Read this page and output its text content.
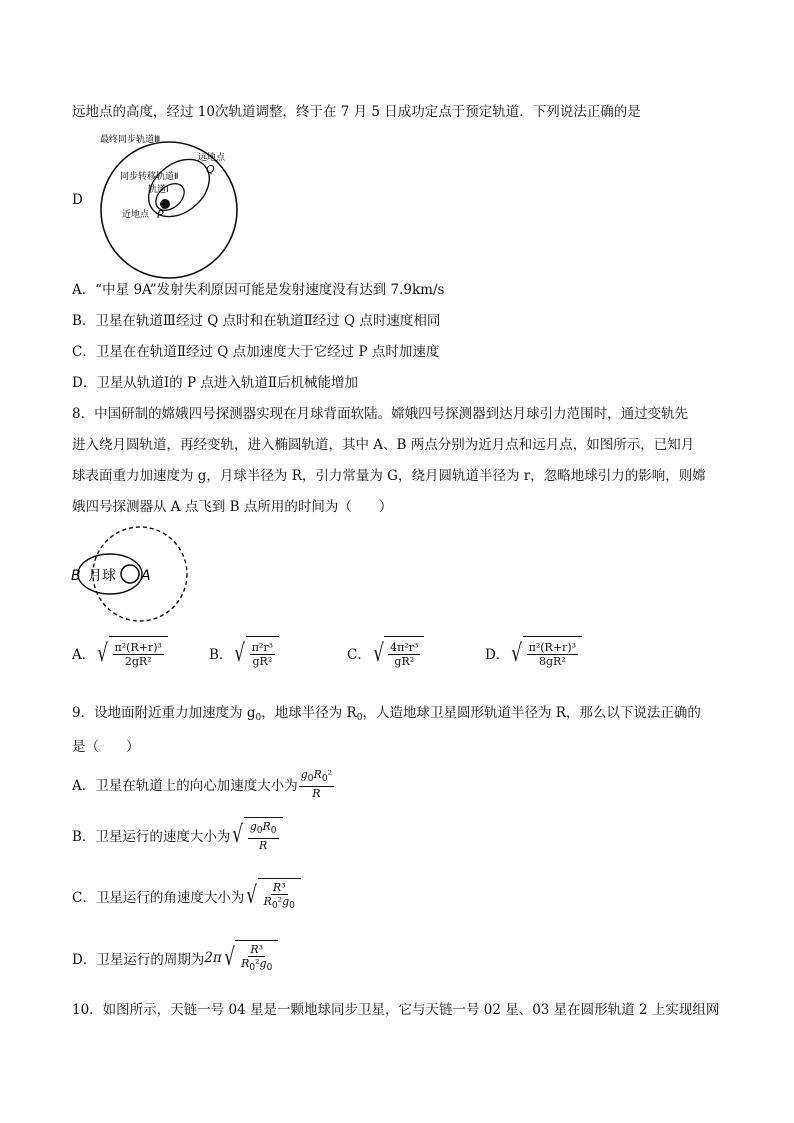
远地点的高度，经过 10次轨道调整，终于在 7 月 5 日成功定点于预定轨道．下列说法正确的是
D
最终同步轨道Ⅲ
远地点
Q
同步转移轨道Ⅱ
轨道Ⅰ
近地点 P
A．“中星 9A”发射失利原因可能是发射速度没有达到 7.9km/s
B．卫星在轨道Ⅲ经过 Q 点时和在轨道Ⅱ经过 Q 点时速度相同
C．卫星在在轨道Ⅱ经过 Q 点加速度大于它经过 P 点时加速度
D．卫星从轨道Ⅰ的 P 点进入轨道Ⅱ后机械能增加
8．中国研制的嫦娥四号探测器实现在月球背面软陆。嫦娥四号探测器到达月球引力范围时，通过变轨先
进入绕月圆轨道，再经变轨，进入椭圆轨道，其中 A、B 两点分别为近月点和远月点，如图所示，已知月
球表面重力加速度为 g，月球半径为 R，引力常量为 G，绕月圆轨道半径为 r，忽略地球引力的影响，则嫦
娥四号探测器从 A 点飞到 B 点所用的时间为（　　）
B 月球 A
A． √ $\frac{\text{π²(R+r)³}}{\text{2gR²}}$	B． √ $\frac{\text{π²r³}}{\text{gR²}}$	C． √ $\frac{\text{4π²r³}}{\text{gR²}}$	D． √ $\frac{\text{π²(R+r)³}}{\text{8gR²}}$
9．设地面附近重力加速度为 $g_0$，地球半径为 $R_0$，人造地球卫星圆形轨道半径为 R，那么以下说法正确的
是（　　）
A．卫星在轨道上的向心加速度大小为 $\frac{g_0R_0^2}{R}$
B．卫星运行的速度大小为 √ $\frac{g_0R_0}{R}$
C．卫星运行的角速度大小为 √ $\frac{\text{R³}}{R_0^2g_0}$
D．卫星运行的周期为 2π √ $\frac{\text{R³}}{R_0^2g_0}$
10．如图所示，天链一号 04 星是一颗地球同步卫星，它与天链一号 02 星、03 星在圆形轨道 2 上实现组网
